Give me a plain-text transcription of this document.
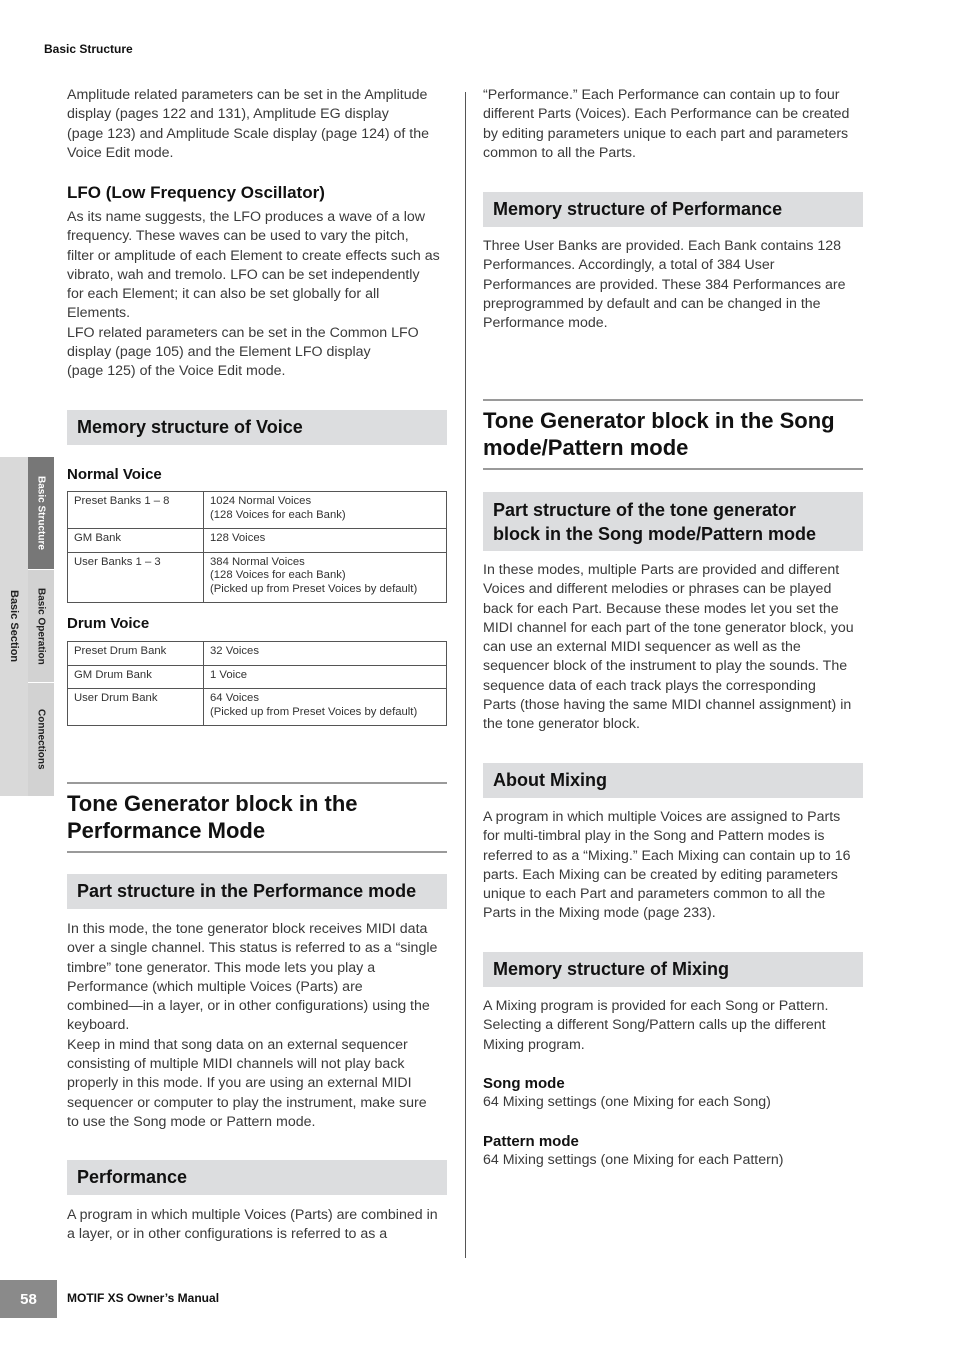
Basic Structure

Amplitude related parameters can be set in the Amplitude
display (pages 122 and 131), Amplitude EG display
(page 123) and Amplitude Scale display (page 124) of the
Voice Edit mode.

LFO (Low Frequency Oscillator)

As its name suggests, the LFO produces a wave of a low
frequency. These waves can be used to vary the pitch,
filter or amplitude of each Element to create effects such as
vibrato, wah and tremolo. LFO can be set independently
for each Element; it can also be set globally for all
Elements.
LFO related parameters can be set in the Common LFO
display (page 105) and the Element LFO display
(page 125) of the Voice Edit mode.

Memory structure of Voice
Normal Voice
Preset Banks 1 – 8	1024 Normal Voices
(128 Voices for each Bank)
GM Bank	128 Voices
User Banks 1 – 3	384 Normal Voices
(128 Voices for each Bank)
(Picked up from Preset Voices by default)
Drum Voice
Preset Drum Bank	32 Voices
GM Drum Bank	1 Voice
User Drum Bank	64 Voices
(Picked up from Preset Voices by default)
Tone Generator block in the
Performance Mode
Part structure in the Performance mode

In this mode, the tone generator block receives MIDI data
over a single channel. This status is referred to as a “single
timbre” tone generator. This mode lets you play a
Performance (which multiple Voices (Parts) are
combined—in a layer, or in other configurations) using the
keyboard.
Keep in mind that song data on an external sequencer
consisting of multiple MIDI channels will not play back
properly in this mode. If you are using an external MIDI
sequencer or computer to play the instrument, make sure
to use the Song mode or Pattern mode.

Performance

A program in which multiple Voices (Parts) are combined in
a layer, or in other configurations is referred to as a

“Performance.” Each Performance can contain up to four
different Parts (Voices). Each Performance can be created
by editing parameters unique to each part and parameters
common to all the Parts.

Memory structure of Performance

Three User Banks are provided. Each Bank contains 128
Performances. Accordingly, a total of 384 User
Performances are provided. These 384 Performances are
preprogrammed by default and can be changed in the
Performance mode.

Tone Generator block in the Song
mode/Pattern mode
Part structure of the tone generator
block in the Song mode/Pattern mode

In these modes, multiple Parts are provided and different
Voices and different melodies or phrases can be played
back for each Part. Because these modes let you set the
MIDI channel for each part of the tone generator block, you
can use an external MIDI sequencer as well as the
sequencer block of the instrument to play the sounds. The
sequence data of each track plays the corresponding
Parts (those having the same MIDI channel assignment) in
the tone generator block.

About Mixing

A program in which multiple Voices are assigned to Parts
for multi-timbral play in the Song and Pattern modes is
referred to as a “Mixing.” Each Mixing can contain up to 16
parts. Each Mixing can be created by editing parameters
unique to each Part and parameters common to all the
Parts in the Mixing mode (page 233).

Memory structure of Mixing

A Mixing program is provided for each Song or Pattern.
Selecting a different Song/Pattern calls up the different
Mixing program.

Song mode

64 Mixing settings (one Mixing for each Song)

Pattern mode

64 Mixing settings (one Mixing for each Pattern)

Basic Section
Basic Structure
Basic Operation
Connections
58	MOTIF XS Owner’s Manual
